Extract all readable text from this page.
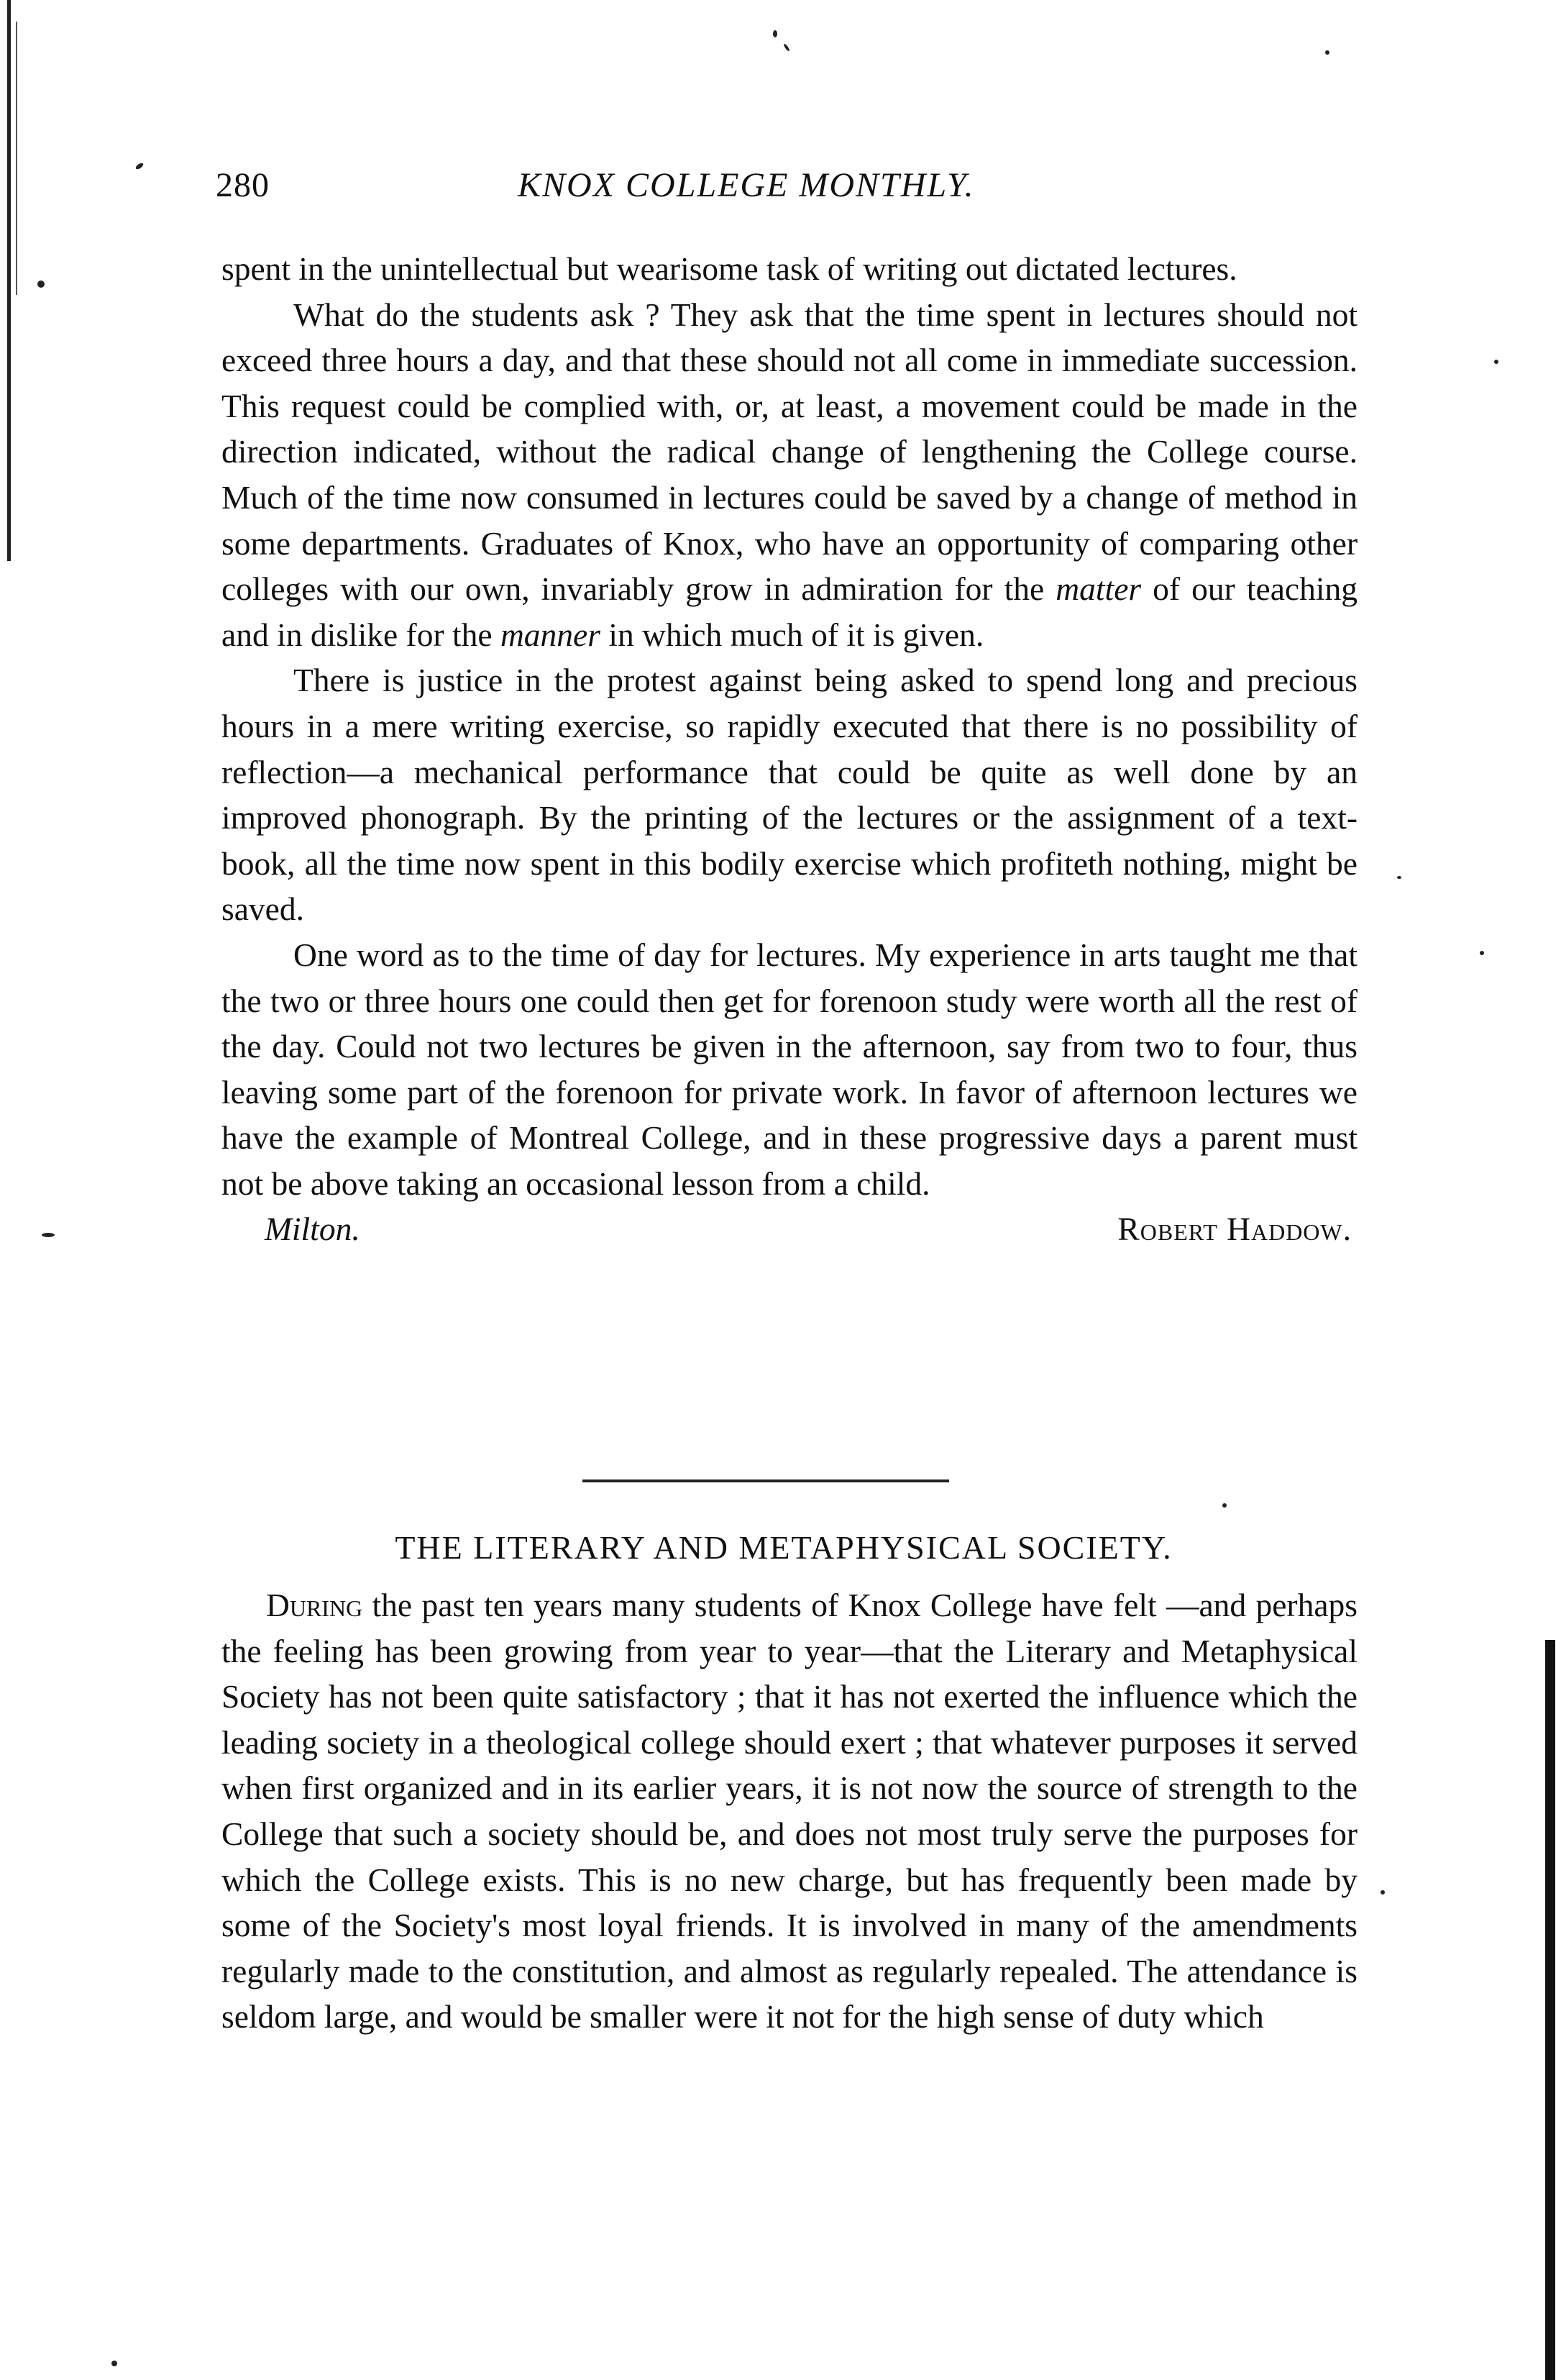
280	KNOX COLLEGE MONTHLY.

spent in the unintellectual but wearisome task of writing out dictated lectures.

What do the students ask ? They ask that the time spent in lectures should not exceed three hours a day, and that these should not all come in immediate succession. This request could be complied with, or, at least, a movement could be made in the direction indicated, without the radical change of lengthening the College course. Much of the time now consumed in lectures could be saved by a change of method in some departments. Graduates of Knox, who have an opportunity of comparing other colleges with our own, invariably grow in admiration for the matter of our teaching and in dislike for the manner in which much of it is given.

There is justice in the protest against being asked to spend long and precious hours in a mere writing exercise, so rapidly executed that there is no possibility of reflection—a mechanical performance that could be quite as well done by an improved phonograph. By the printing of the lectures or the assignment of a text-book, all the time now spent in this bodily exercise which profiteth nothing, might be saved.

One word as to the time of day for lectures. My experience in arts taught me that the two or three hours one could then get for forenoon study were worth all the rest of the day. Could not two lectures be given in the afternoon, say from two to four, thus leaving some part of the forenoon for private work. In favor of afternoon lectures we have the example of Montreal College, and in these progressive days a parent must not be above taking an occasional lesson from a child.

Milton.	Robert Haddow.
THE LITERARY AND METAPHYSICAL SOCIETY.

During the past ten years many students of Knox College have felt —and perhaps the feeling has been growing from year to year—that the Literary and Metaphysical Society has not been quite satisfactory ; that it has not exerted the influence which the leading society in a theological college should exert ; that whatever purposes it served when first organized and in its earlier years, it is not now the source of strength to the College that such a society should be, and does not most truly serve the purposes for which the College exists. This is no new charge, but has frequently been made by some of the Society's most loyal friends. It is involved in many of the amendments regularly made to the constitution, and almost as regularly repealed. The attendance is seldom large, and would be smaller were it not for the high sense of duty which
